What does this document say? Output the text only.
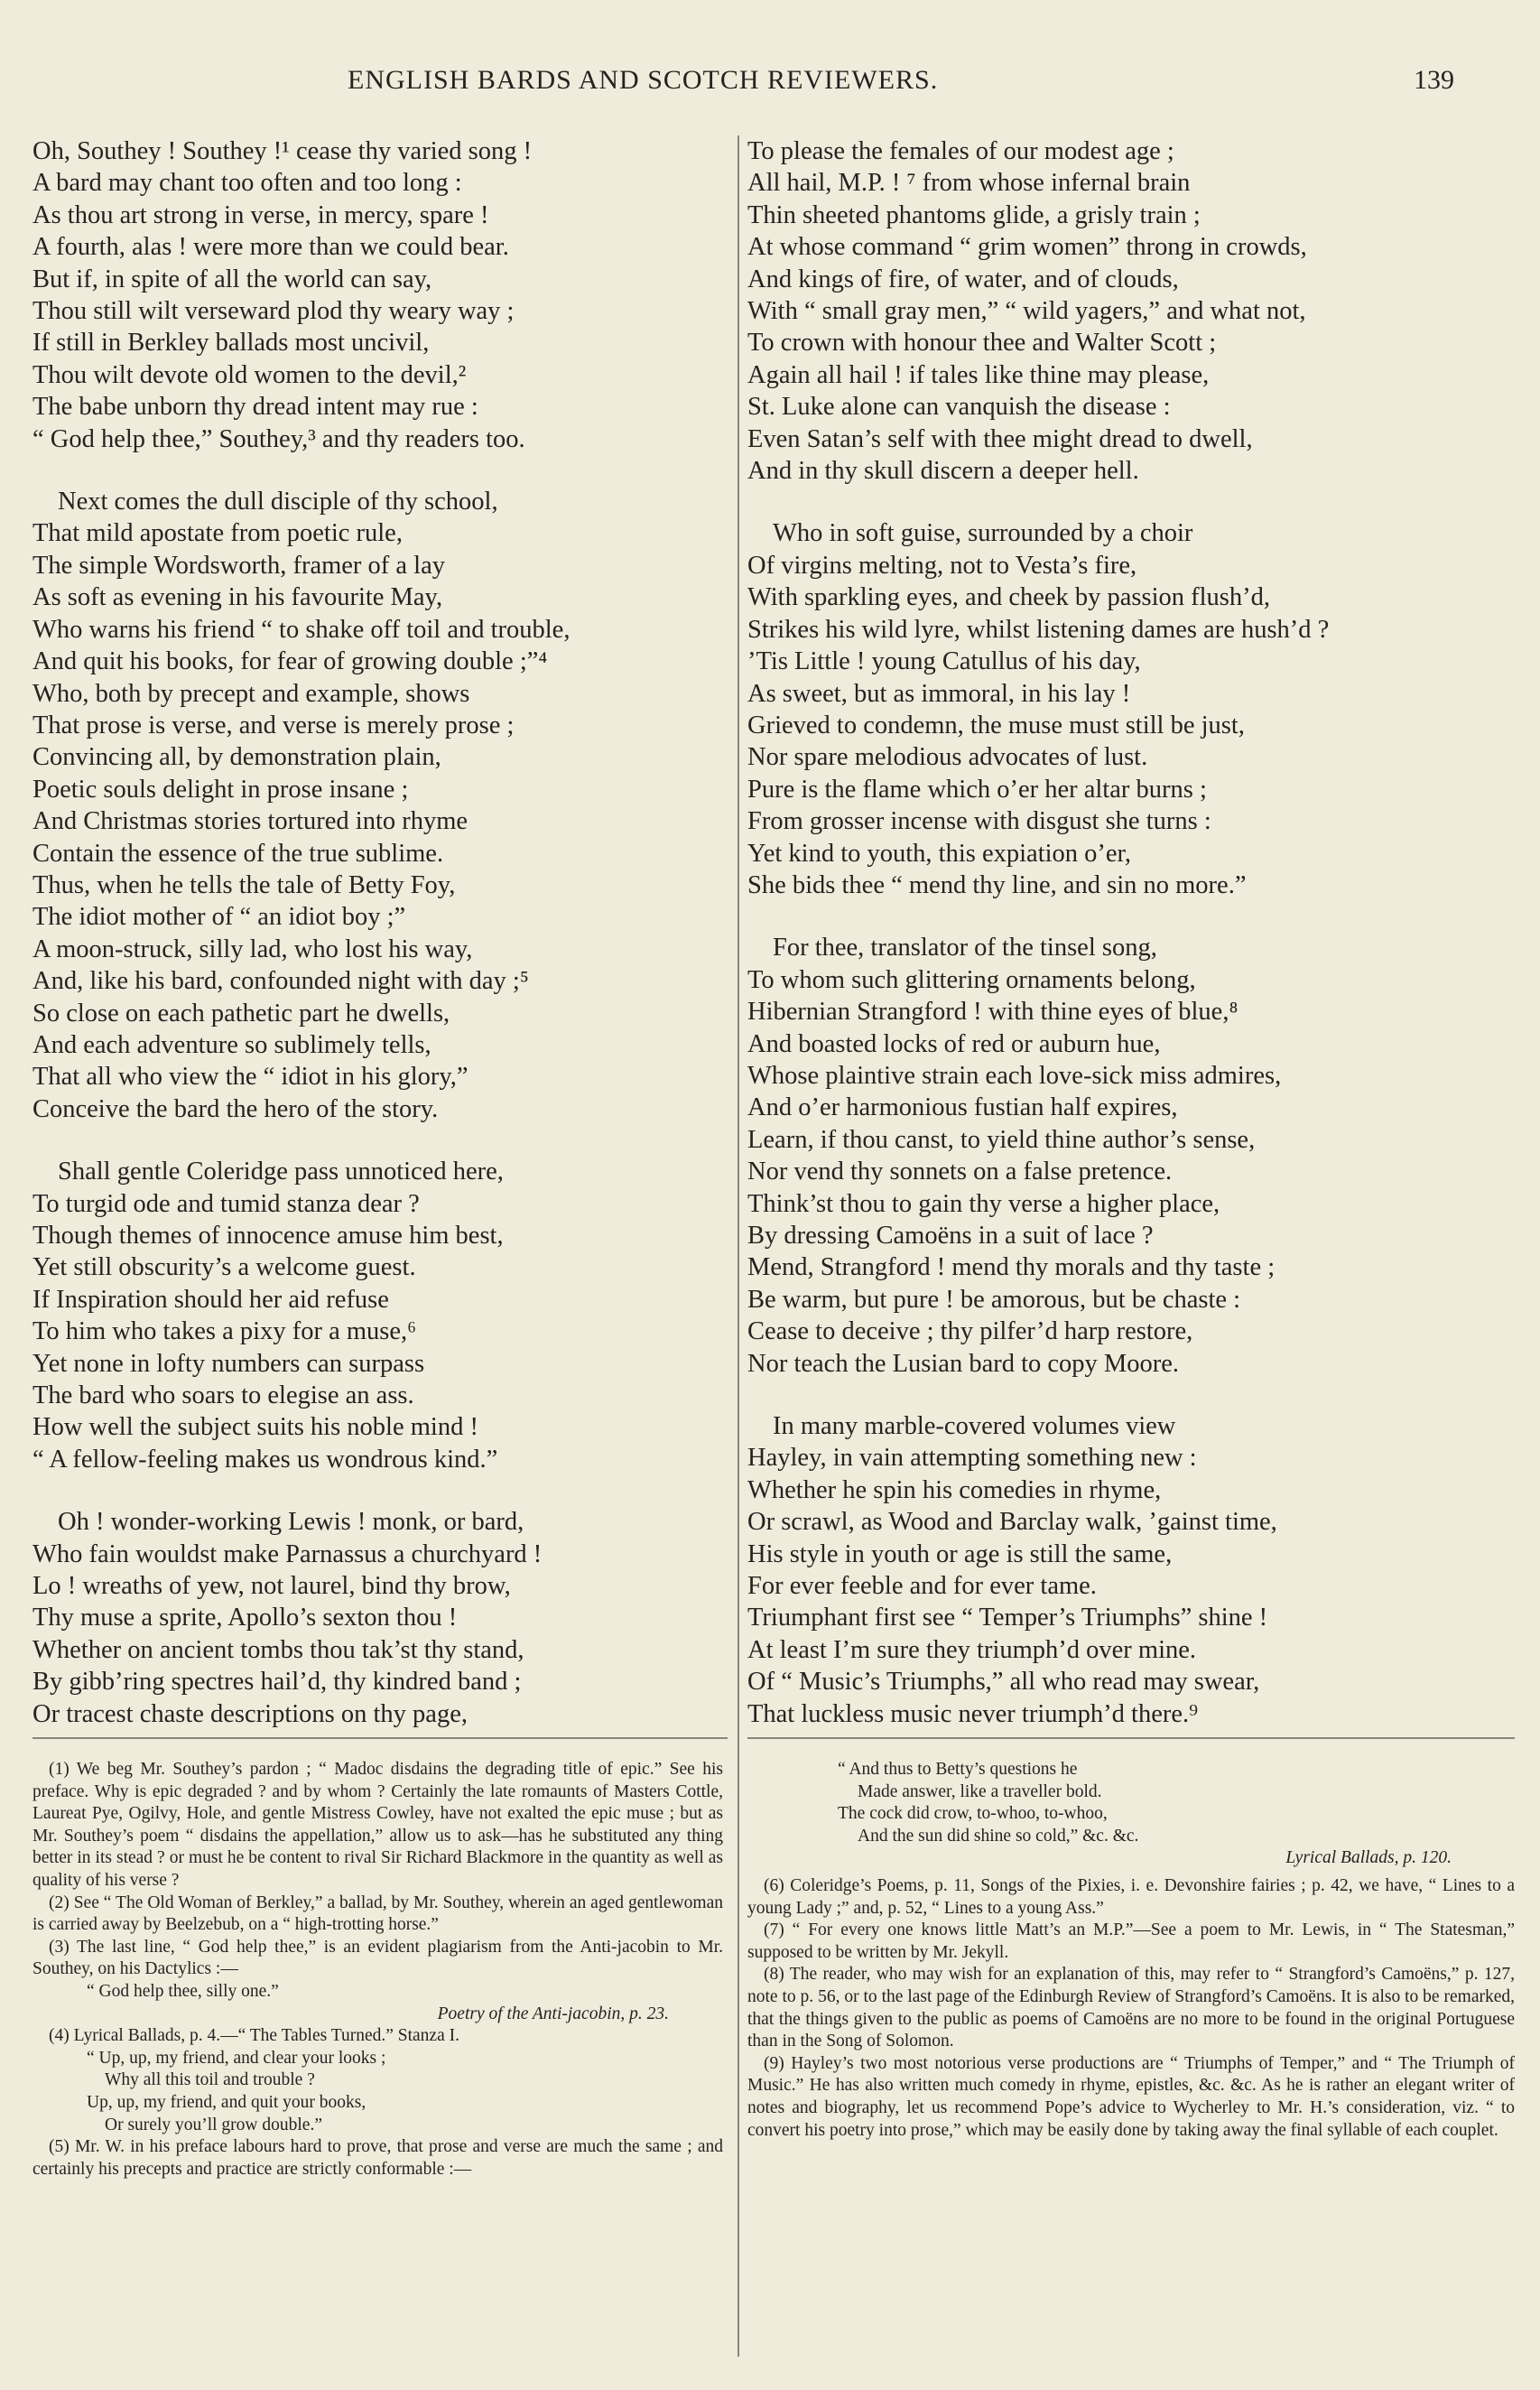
ENGLISH BARDS AND SCOTCH REVIEWERS.	139
Oh, Southey ! Southey !¹ cease thy varied song !
A bard may chant too often and too long :
As thou art strong in verse, in mercy, spare !
A fourth, alas ! were more than we could bear.
But if, in spite of all the world can say,
Thou still wilt verseward plod thy weary way ;
If still in Berkley ballads most uncivil,
Thou wilt devote old women to the devil,²
The babe unborn thy dread intent may rue :
“ God help thee,” Southey,³ and thy readers too.
Next comes the dull disciple of thy school,
That mild apostate from poetic rule,
The simple Wordsworth, framer of a lay
As soft as evening in his favourite May,
Who warns his friend “ to shake off toil and trouble,
And quit his books, for fear of growing double ;”⁴
Who, both by precept and example, shows
That prose is verse, and verse is merely prose ;
Convincing all, by demonstration plain,
Poetic souls delight in prose insane ;
And Christmas stories tortured into rhyme
Contain the essence of the true sublime.
Thus, when he tells the tale of Betty Foy,
The idiot mother of “ an idiot boy ;”
A moon-struck, silly lad, who lost his way,
And, like his bard, confounded night with day ;⁵
So close on each pathetic part he dwells,
And each adventure so sublimely tells,
That all who view the “ idiot in his glory,”
Conceive the bard the hero of the story.
Shall gentle Coleridge pass unnoticed here,
To turgid ode and tumid stanza dear ?
Though themes of innocence amuse him best,
Yet still obscurity’s a welcome guest.
If Inspiration should her aid refuse
To him who takes a pixy for a muse,⁶
Yet none in lofty numbers can surpass
The bard who soars to elegise an ass.
How well the subject suits his noble mind !
“ A fellow-feeling makes us wondrous kind.”
Oh ! wonder-working Lewis ! monk, or bard,
Who fain wouldst make Parnassus a churchyard !
Lo ! wreaths of yew, not laurel, bind thy brow,
Thy muse a sprite, Apollo’s sexton thou !
Whether on ancient tombs thou tak’st thy stand,
By gibb’ring spectres hail’d, thy kindred band ;
Or tracest chaste descriptions on thy page,
To please the females of our modest age ;
All hail, M.P. ! ⁷ from whose infernal brain
Thin sheeted phantoms glide, a grisly train ;
At whose command “ grim women” throng in crowds,
And kings of fire, of water, and of clouds,
With “ small gray men,” “ wild yagers,” and what not,
To crown with honour thee and Walter Scott ;
Again all hail ! if tales like thine may please,
St. Luke alone can vanquish the disease :
Even Satan’s self with thee might dread to dwell,
And in thy skull discern a deeper hell.
Who in soft guise, surrounded by a choir
Of virgins melting, not to Vesta’s fire,
With sparkling eyes, and cheek by passion flush’d,
Strikes his wild lyre, whilst listening dames are hush’d ?
’Tis Little ! young Catullus of his day,
As sweet, but as immoral, in his lay !
Grieved to condemn, the muse must still be just,
Nor spare melodious advocates of lust.
Pure is the flame which o’er her altar burns ;
From grosser incense with disgust she turns :
Yet kind to youth, this expiation o’er,
She bids thee “ mend thy line, and sin no more.”
For thee, translator of the tinsel song,
To whom such glittering ornaments belong,
Hibernian Strangford ! with thine eyes of blue,⁸
And boasted locks of red or auburn hue,
Whose plaintive strain each love-sick miss admires,
And o’er harmonious fustian half expires,
Learn, if thou canst, to yield thine author’s sense,
Nor vend thy sonnets on a false pretence.
Think’st thou to gain thy verse a higher place,
By dressing Camoëns in a suit of lace ?
Mend, Strangford ! mend thy morals and thy taste ;
Be warm, but pure ! be amorous, but be chaste :
Cease to deceive ; thy pilfer’d harp restore,
Nor teach the Lusian bard to copy Moore.
In many marble-covered volumes view
Hayley, in vain attempting something new :
Whether he spin his comedies in rhyme,
Or scrawl, as Wood and Barclay walk, ’gainst time,
His style in youth or age is still the same,
For ever feeble and for ever tame.
Triumphant first see “ Temper’s Triumphs” shine !
At least I’m sure they triumph’d over mine.
Of “ Music’s Triumphs,” all who read may swear,
That luckless music never triumph’d there.⁹

(1) We beg Mr. Southey’s pardon ; “ Madoc disdains the degrading title of epic.” See his preface. Why is epic degraded ? and by whom ? Certainly the late romaunts of Masters Cottle, Laureat Pye, Ogilvy, Hole, and gentle Mistress Cowley, have not exalted the epic muse ; but as Mr. Southey’s poem “ disdains the appellation,” allow us to ask—has he substituted any thing better in its stead ? or must he be content to rival Sir Richard Blackmore in the quantity as well as quality of his verse ?

(2) See “ The Old Woman of Berkley,” a ballad, by Mr. Southey, wherein an aged gentlewoman is carried away by Beelzebub, on a “ high-trotting horse.”

(3) The last line, “ God help thee,” is an evident plagiarism from the Anti-jacobin to Mr. Southey, on his Dactylics :—

“ God help thee, silly one.”

Poetry of the Anti-jacobin, p. 23.

(4) Lyrical Ballads, p. 4.—“ The Tables Turned.” Stanza I.

“ Up, up, my friend, and clear your looks ;
Why all this toil and trouble ?
Up, up, my friend, and quit your books,
Or surely you’ll grow double.”

(5) Mr. W. in his preface labours hard to prove, that prose and verse are much the same ; and certainly his precepts and practice are strictly conformable :—

“ And thus to Betty’s questions he
Made answer, like a traveller bold.
The cock did crow, to-whoo, to-whoo,
And the sun did shine so cold,” &c. &c.

Lyrical Ballads, p. 120.

(6) Coleridge’s Poems, p. 11, Songs of the Pixies, i. e. Devonshire fairies ; p. 42, we have, “ Lines to a young Lady ;” and, p. 52, “ Lines to a young Ass.”

(7) “ For every one knows little Matt’s an M.P.”—See a poem to Mr. Lewis, in “ The Statesman,” supposed to be written by Mr. Jekyll.

(8) The reader, who may wish for an explanation of this, may refer to “ Strangford’s Camoëns,” p. 127, note to p. 56, or to the last page of the Edinburgh Review of Strangford’s Camoëns. It is also to be remarked, that the things given to the public as poems of Camoëns are no more to be found in the original Portuguese than in the Song of Solomon.

(9) Hayley’s two most notorious verse productions are “ Triumphs of Temper,” and “ The Triumph of Music.” He has also written much comedy in rhyme, epistles, &c. &c. As he is rather an elegant writer of notes and biography, let us recommend Pope’s advice to Wycherley to Mr. H.’s consideration, viz. “ to convert his poetry into prose,” which may be easily done by taking away the final syllable of each couplet.
